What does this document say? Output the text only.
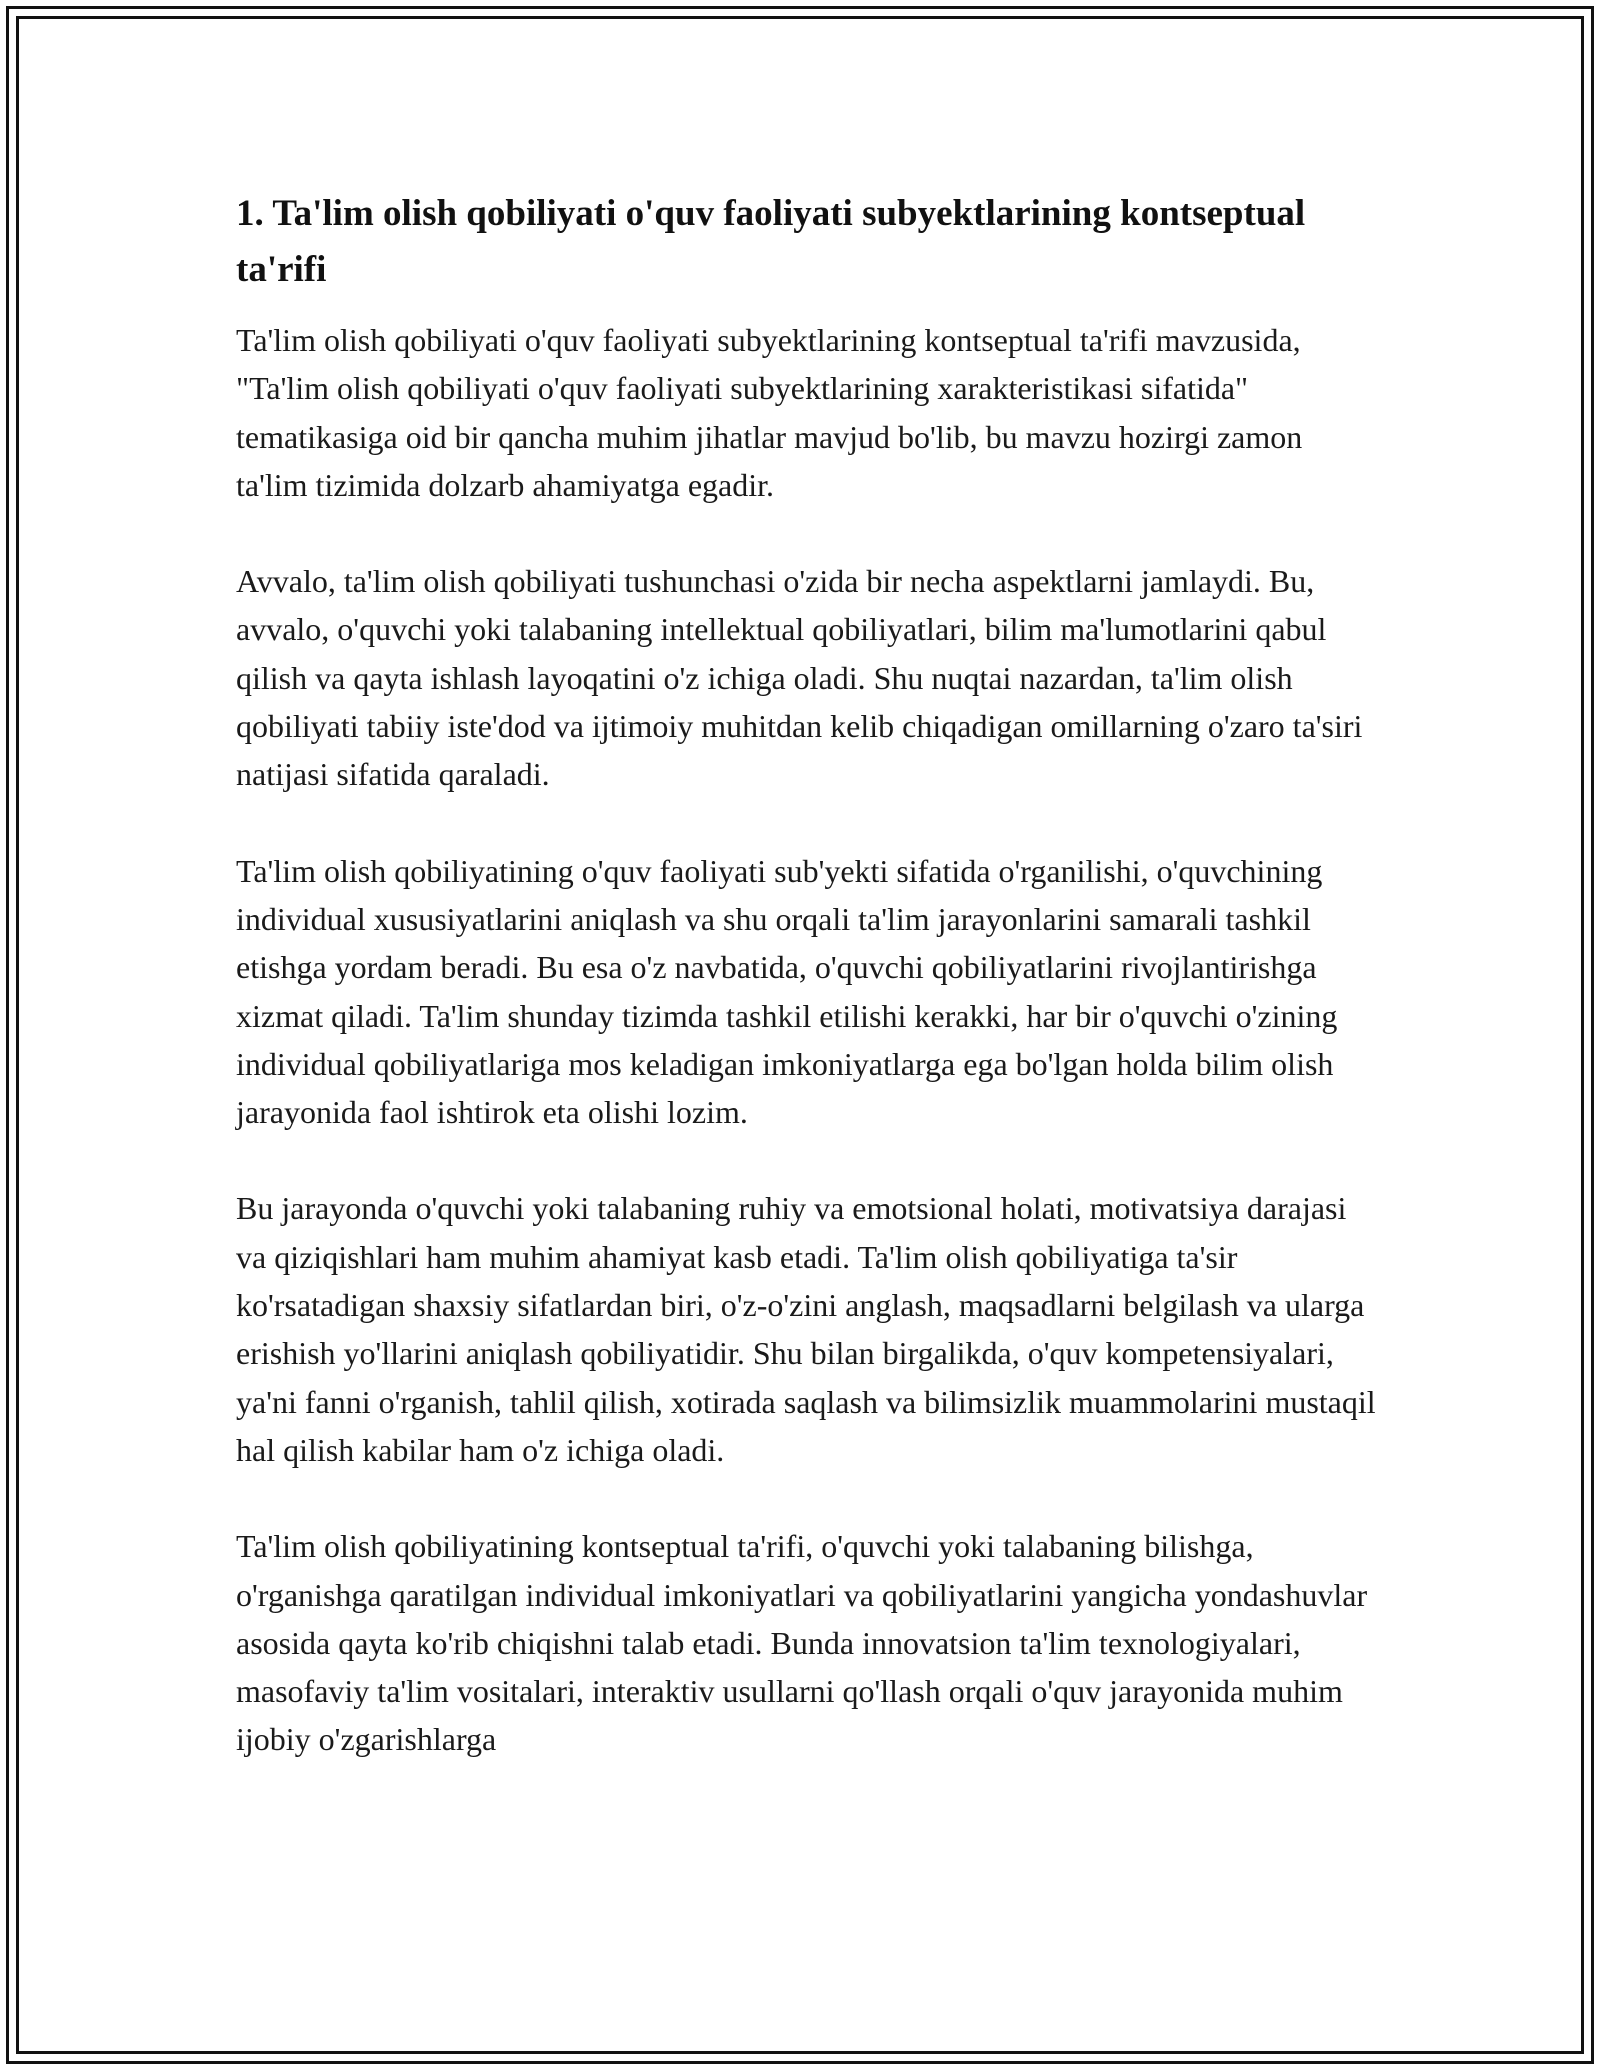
1. Ta'lim olish qobiliyati o'quv faoliyati subyektlarining kontseptual ta'rifi

Ta'lim olish qobiliyati o'quv faoliyati subyektlarining kontseptual ta'rifi mavzusida, "Ta'lim olish qobiliyati o'quv faoliyati subyektlarining xarakteristikasi sifatida" tematikasiga oid bir qancha muhim jihatlar mavjud bo'lib, bu mavzu hozirgi zamon ta'lim tizimida dolzarb ahamiyatga egadir.

Avvalo, ta'lim olish qobiliyati tushunchasi o'zida bir necha aspektlarni jamlaydi. Bu, avvalo, o'quvchi yoki talabaning intellektual qobiliyatlari, bilim ma'lumotlarini qabul qilish va qayta ishlash layoqatini o'z ichiga oladi. Shu nuqtai nazardan, ta'lim olish qobiliyati tabiiy iste'dod va ijtimoiy muhitdan kelib chiqadigan omillarning o'zaro ta'siri natijasi sifatida qaraladi.

Ta'lim olish qobiliyatining o'quv faoliyati sub'yekti sifatida o'rganilishi, o'quvchining individual xususiyatlarini aniqlash va shu orqali ta'lim jarayonlarini samarali tashkil etishga yordam beradi. Bu esa o'z navbatida, o'quvchi qobiliyatlarini rivojlantirishga xizmat qiladi. Ta'lim shunday tizimda tashkil etilishi kerakki, har bir o'quvchi o'zining individual qobiliyatlariga mos keladigan imkoniyatlarga ega bo'lgan holda bilim olish jarayonida faol ishtirok eta olishi lozim.

Bu jarayonda o'quvchi yoki talabaning ruhiy va emotsional holati, motivatsiya darajasi va qiziqishlari ham muhim ahamiyat kasb etadi. Ta'lim olish qobiliyatiga ta'sir ko'rsatadigan shaxsiy sifatlardan biri, o'z-o'zini anglash, maqsadlarni belgilash va ularga erishish yo'llarini aniqlash qobiliyatidir. Shu bilan birgalikda, o'quv kompetensiyalari, ya'ni fanni o'rganish, tahlil qilish, xotirada saqlash va bilimsizlik muammolarini mustaqil hal qilish kabilar ham o'z ichiga oladi.

Ta'lim olish qobiliyatining kontseptual ta'rifi, o'quvchi yoki talabaning bilishga, o'rganishga qaratilgan individual imkoniyatlari va qobiliyatlarini yangicha yondashuvlar asosida qayta ko'rib chiqishni talab etadi. Bunda innovatsion ta'lim texnologiyalari, masofaviy ta'lim vositalari, interaktiv usullarni qo'llash orqali o'quv jarayonida muhim ijobiy o'zgarishlarga
